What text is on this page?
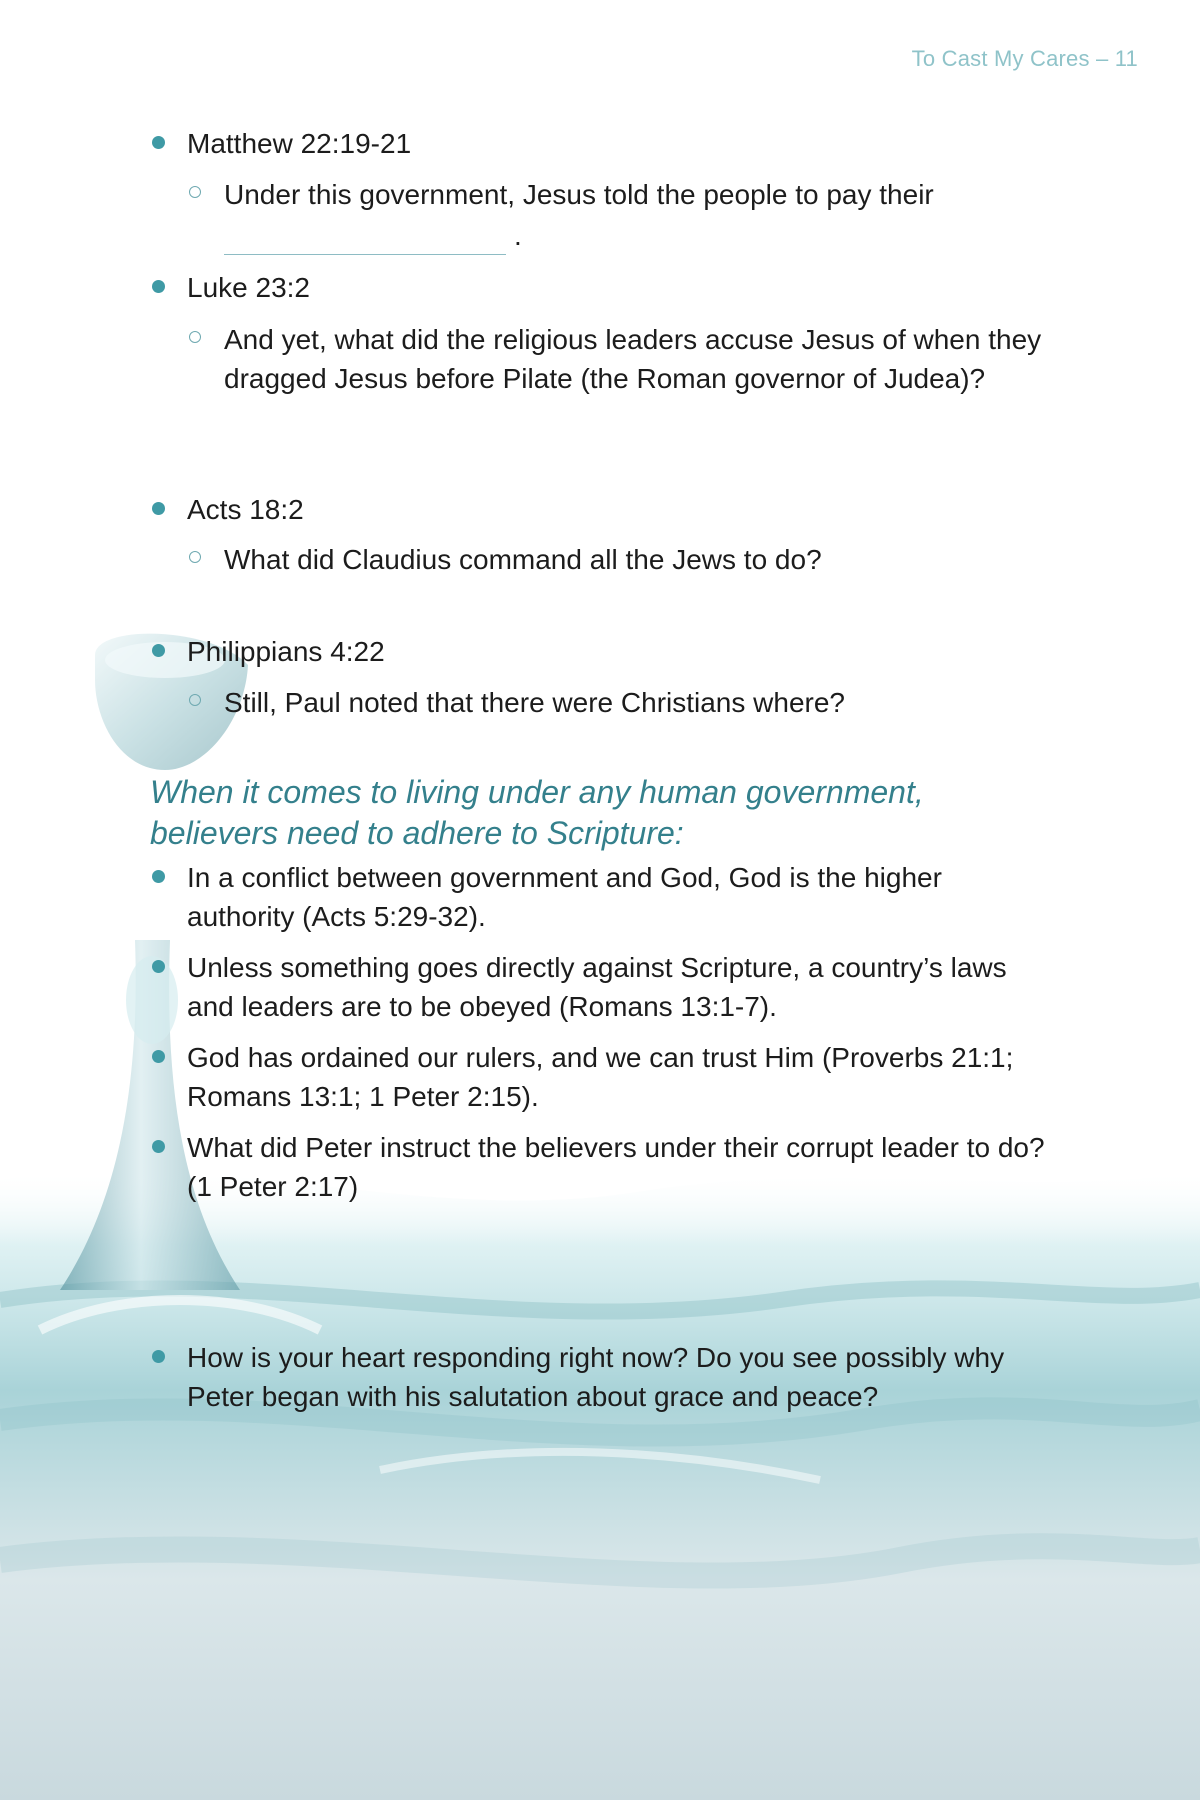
To Cast My Cares – 11
Matthew 22:19-21
Under this government, Jesus told the people to pay their
.
Luke 23:2
And yet, what did the religious leaders accuse Jesus of when they dragged Jesus before Pilate (the Roman governor of Judea)?
Acts 18:2
What did Claudius command all the Jews to do?
Philippians 4:22
Still, Paul noted that there were Christians where?
When it comes to living under any human government, believers need to adhere to Scripture:
In a conflict between government and God, God is the higher authority (Acts 5:29-32).
Unless something goes directly against Scripture, a country’s laws and leaders are to be obeyed (Romans 13:1-7).
God has ordained our rulers, and we can trust Him (Proverbs 21:1; Romans 13:1; 1 Peter 2:15).
What did Peter instruct the believers under their corrupt leader to do? (1 Peter 2:17)
How is your heart responding right now? Do you see possibly why Peter began with his salutation about grace and peace?
